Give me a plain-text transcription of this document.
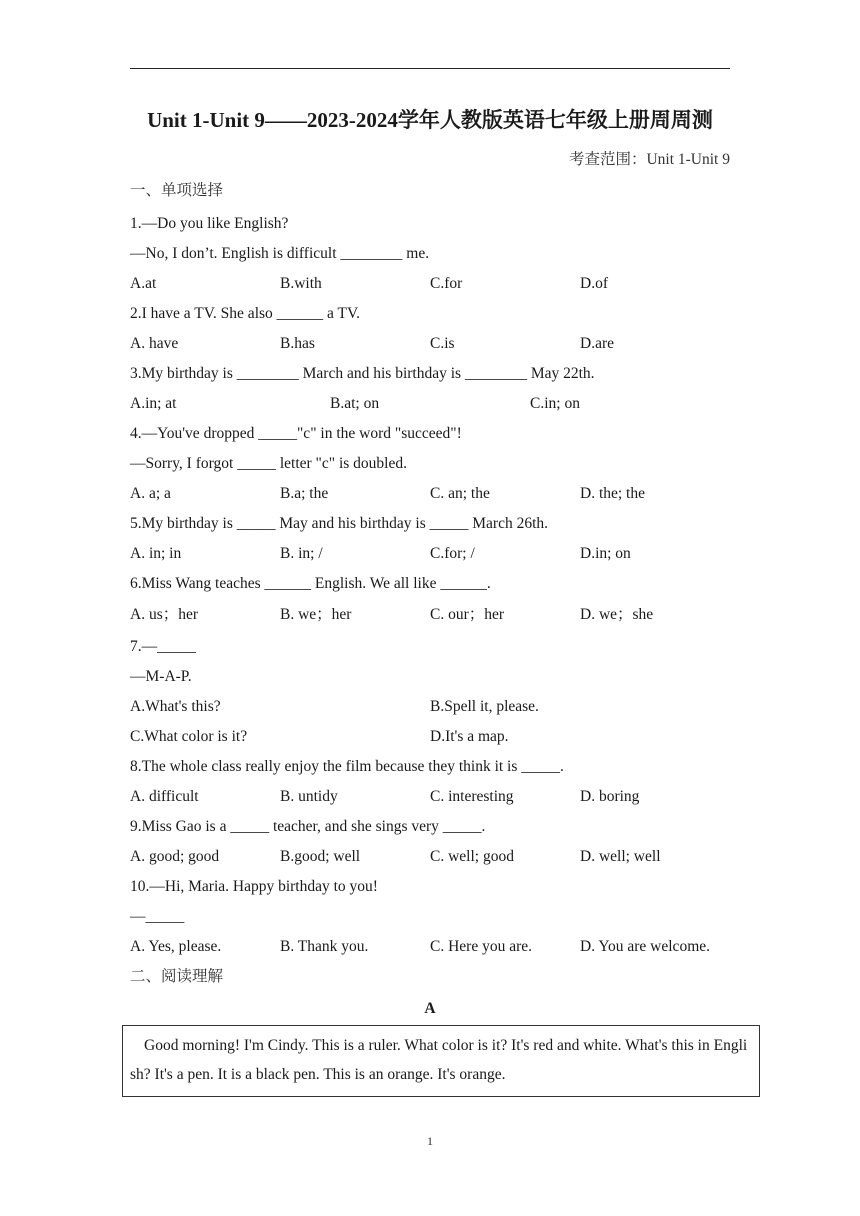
Unit 1-Unit 9——2023-2024学年人教版英语七年级上册周周测
考查范围：Unit 1-Unit 9
一、单项选择
1.—Do you like English?
—No, I don’t. English is difficult ________ me.
A.at	B.with	C.for	D.of
2.I have a TV. She also ______ a TV.
A. have	B.has	C.is	D.are
3.My birthday is ________ March and his birthday is ________ May 22th.
A.in; at	B.at; on	C.in; on
4.—You've dropped _____"c" in the word "succeed"!
—Sorry, I forgot _____ letter "c" is doubled.
A. a; a	B.a; the	C. an; the	D. the; the
5.My birthday is _____ May and his birthday is _____ March 26th.
A. in; in	B. in; /	C.for; /	D.in; on
6.Miss Wang teaches ______ English. We all like ______.
A. us；her	B. we；her	C. our；her	D. we；she
7.—_____
—M-A-P.
A.What's this?	B.Spell it, please.
C.What color is it?	D.It's a map.
8.The whole class really enjoy the film because they think it is _____.
A. difficult	B. untidy	C. interesting	D. boring
9.Miss Gao is a _____ teacher, and she sings very _____.
A. good; good	B.good; well	C. well; good	D. well; well
10.—Hi, Maria. Happy birthday to you!
—_____
A. Yes, please.	B. Thank you.	C. Here you are.	D. You are welcome.
二、阅读理解
A
Good morning! I'm Cindy. This is a ruler. What color is it? It's red and white. What's this in English? It's a pen. It is a black pen. This is an orange. It's orange.
1
